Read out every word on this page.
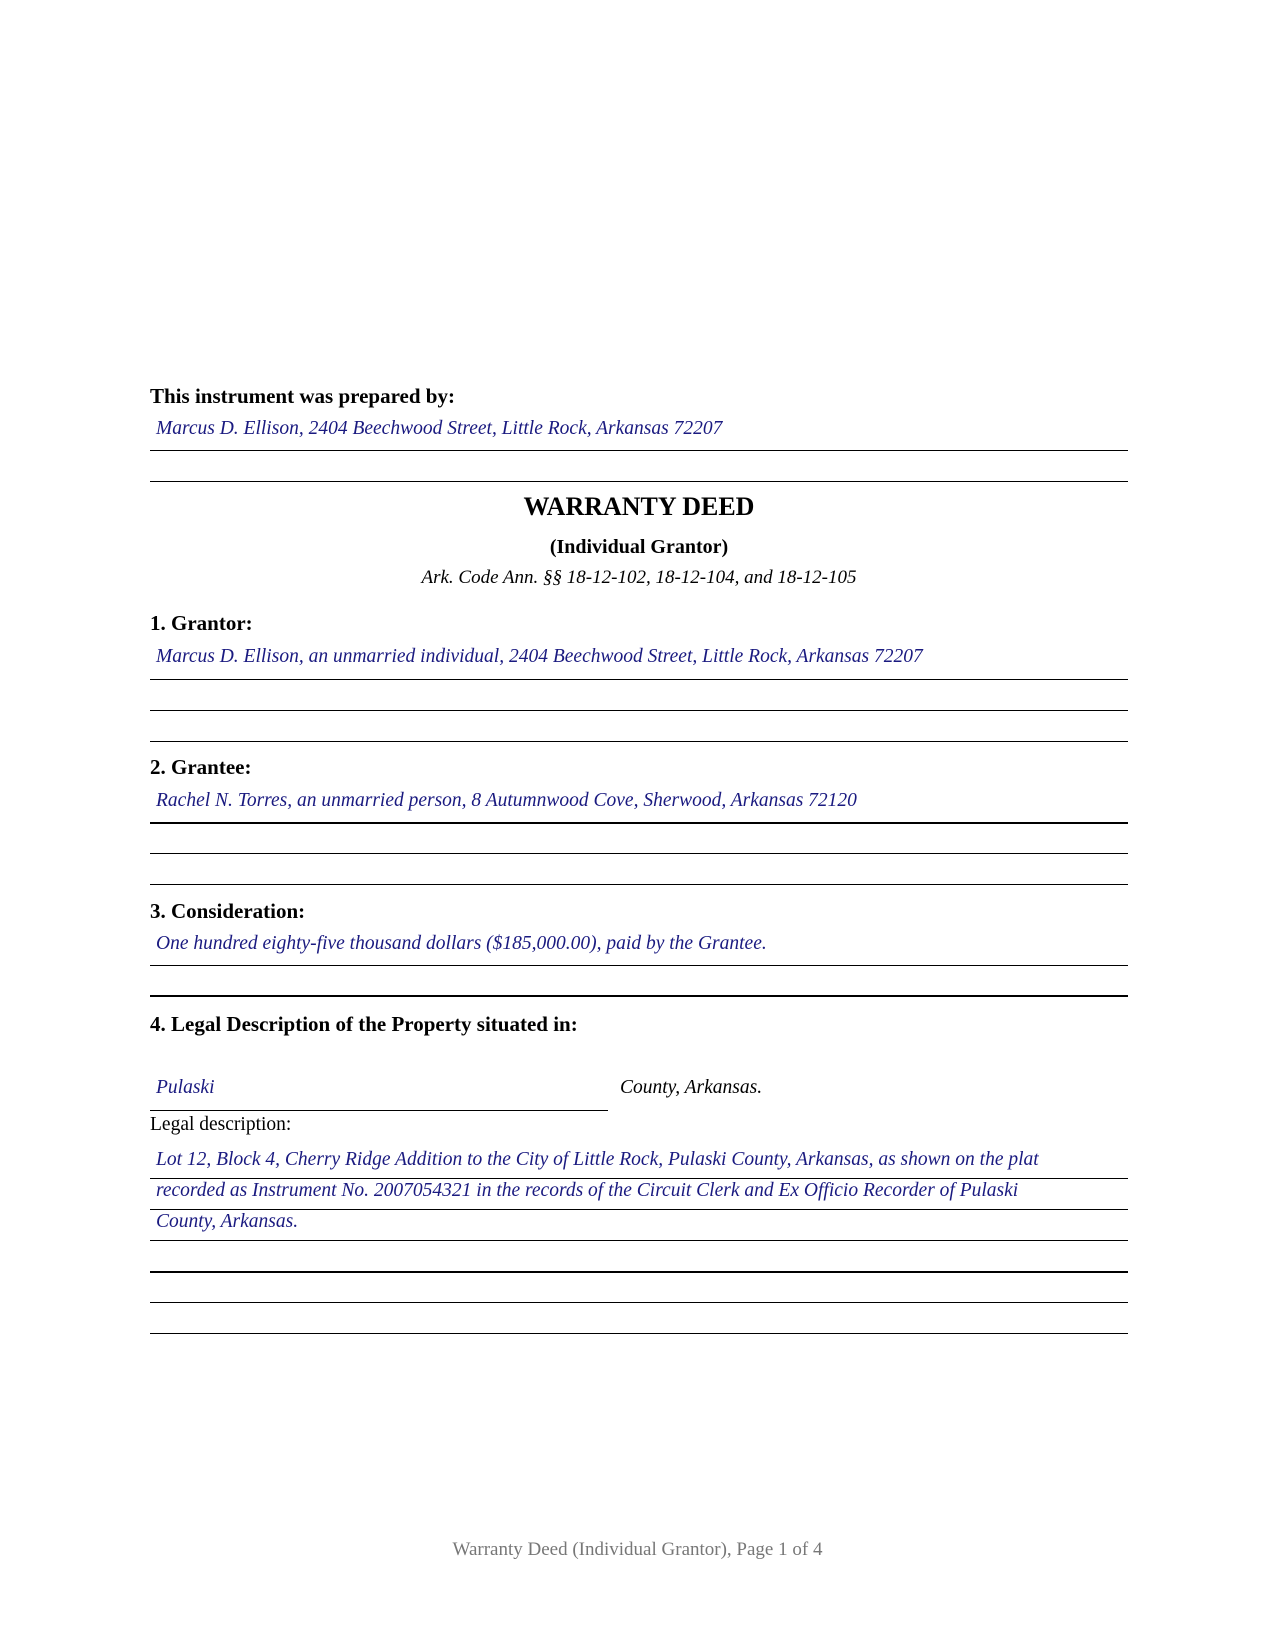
This instrument was prepared by:
Marcus D. Ellison, 2404 Beechwood Street, Little Rock, Arkansas 72207
WARRANTY DEED
(Individual Grantor)
Ark. Code Ann. §§ 18-12-102, 18-12-104, and 18-12-105
1. Grantor:
Marcus D. Ellison, an unmarried individual, 2404 Beechwood Street, Little Rock, Arkansas 72207
2. Grantee:
Rachel N. Torres, an unmarried person, 8 Autumnwood Cove, Sherwood, Arkansas 72120
3. Consideration:
One hundred eighty-five thousand dollars ($185,000.00), paid by the Grantee.
4. Legal Description of the Property situated in:
Pulaski	County, Arkansas.
Legal description:
Lot 12, Block 4, Cherry Ridge Addition to the City of Little Rock, Pulaski County, Arkansas, as shown on the plat
recorded as Instrument No. 2007054321 in the records of the Circuit Clerk and Ex Officio Recorder of Pulaski
County, Arkansas.
Warranty Deed (Individual Grantor), Page 1 of 4
